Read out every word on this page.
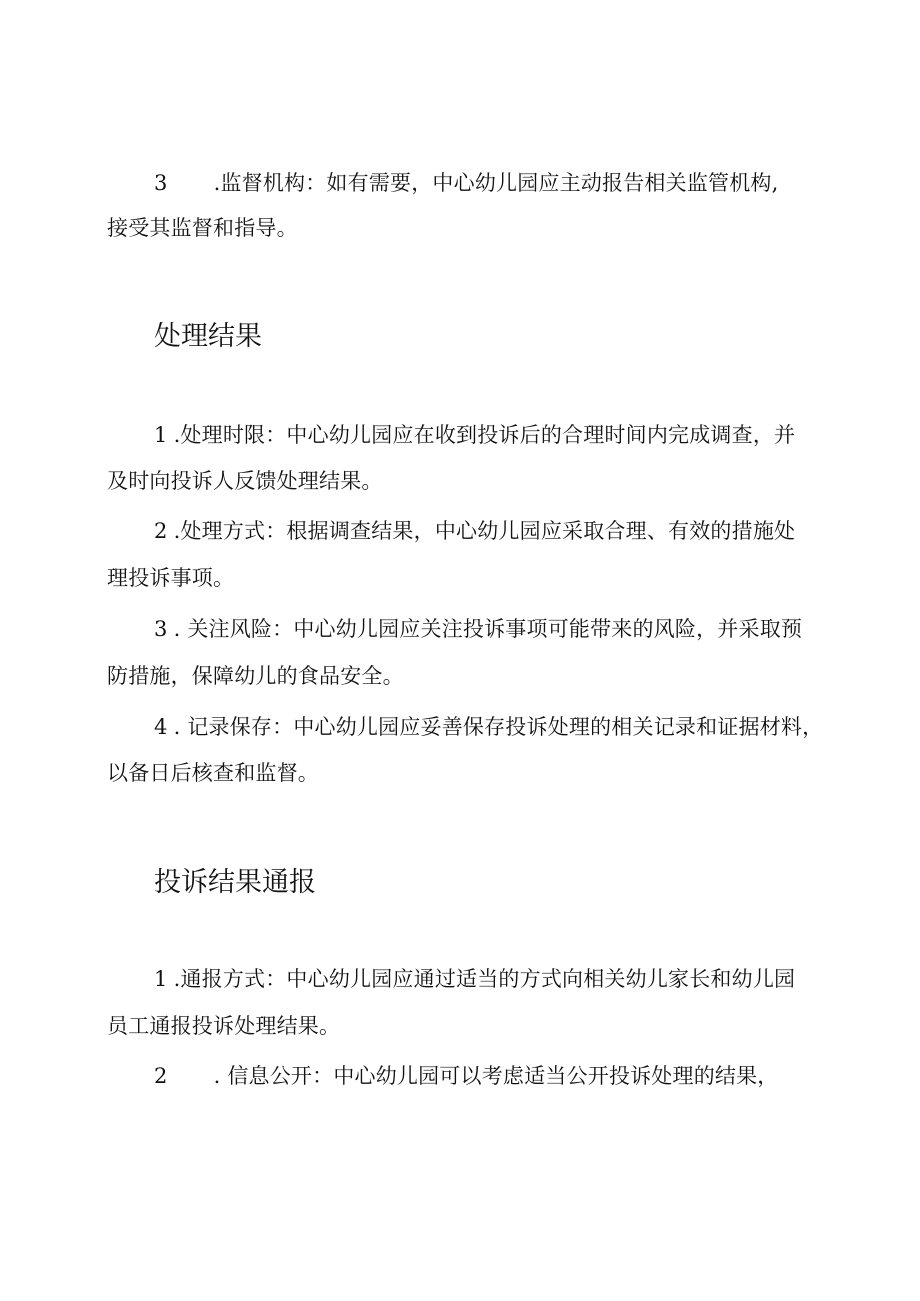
3 .监督机构：如有需要，中心幼儿园应主动报告相关监管机构,
接受其监督和指导。
处理结果
1 .处理时限：中心幼儿园应在收到投诉后的合理时间内完成调查，并
及时向投诉人反馈处理结果。
2 .处理方式：根据调查结果，中心幼儿园应采取合理、有效的措施处
理投诉事项。
3 . 关注风险：中心幼儿园应关注投诉事项可能带来的风险，并采取预
防措施，保障幼儿的食品安全。
4 . 记录保存：中心幼儿园应妥善保存投诉处理的相关记录和证据材料，
以备日后核查和监督。
投诉结果通报
1 .通报方式：中心幼儿园应通过适当的方式向相关幼儿家长和幼儿园
员工通报投诉处理结果。
2 . 信息公开：中心幼儿园可以考虑适当公开投诉处理的结果，
